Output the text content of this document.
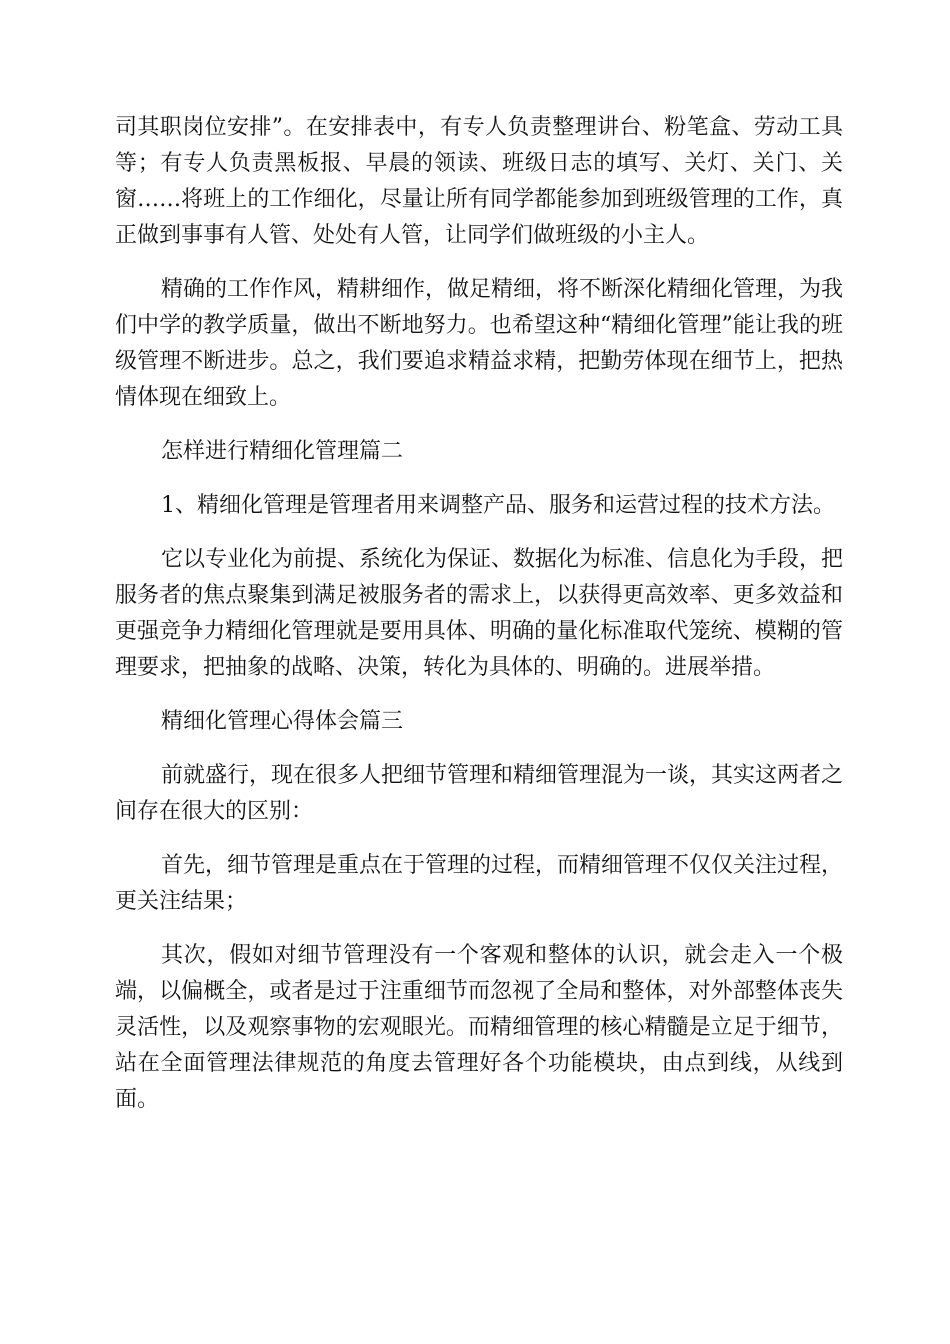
司其职岗位安排”。在安排表中，有专人负责整理讲台、粉笔盒、劳动工具等；有专人负责黑板报、早晨的领读、班级日志的填写、关灯、关门、关窗……将班上的工作细化，尽量让所有同学都能参加到班级管理的工作，真正做到事事有人管、处处有人管，让同学们做班级的小主人。

精确的工作作风，精耕细作，做足精细，将不断深化精细化管理，为我们中学的教学质量，做出不断地努力。也希望这种“精细化管理”能让我的班级管理不断进步。总之，我们要追求精益求精，把勤劳体现在细节上，把热情体现在细致上。

怎样进行精细化管理篇二

1、精细化管理是管理者用来调整产品、服务和运营过程的技术方法。

它以专业化为前提、系统化为保证、数据化为标准、信息化为手段，把服务者的焦点聚集到满足被服务者的需求上，以获得更高效率、更多效益和更强竞争力精细化管理就是要用具体、明确的量化标准取代笼统、模糊的管理要求，把抽象的战略、决策，转化为具体的、明确的。进展举措。

精细化管理心得体会篇三

前就盛行，现在很多人把细节管理和精细管理混为一谈，其实这两者之间存在很大的区别：

首先，细节管理是重点在于管理的过程，而精细管理不仅仅关注过程，更关注结果；

其次，假如对细节管理没有一个客观和整体的认识，就会走入一个极端，以偏概全，或者是过于注重细节而忽视了全局和整体，对外部整体丧失灵活性，以及观察事物的宏观眼光。而精细管理的核心精髓是立足于细节，站在全面管理法律规范的角度去管理好各个功能模块，由点到线，从线到面。
